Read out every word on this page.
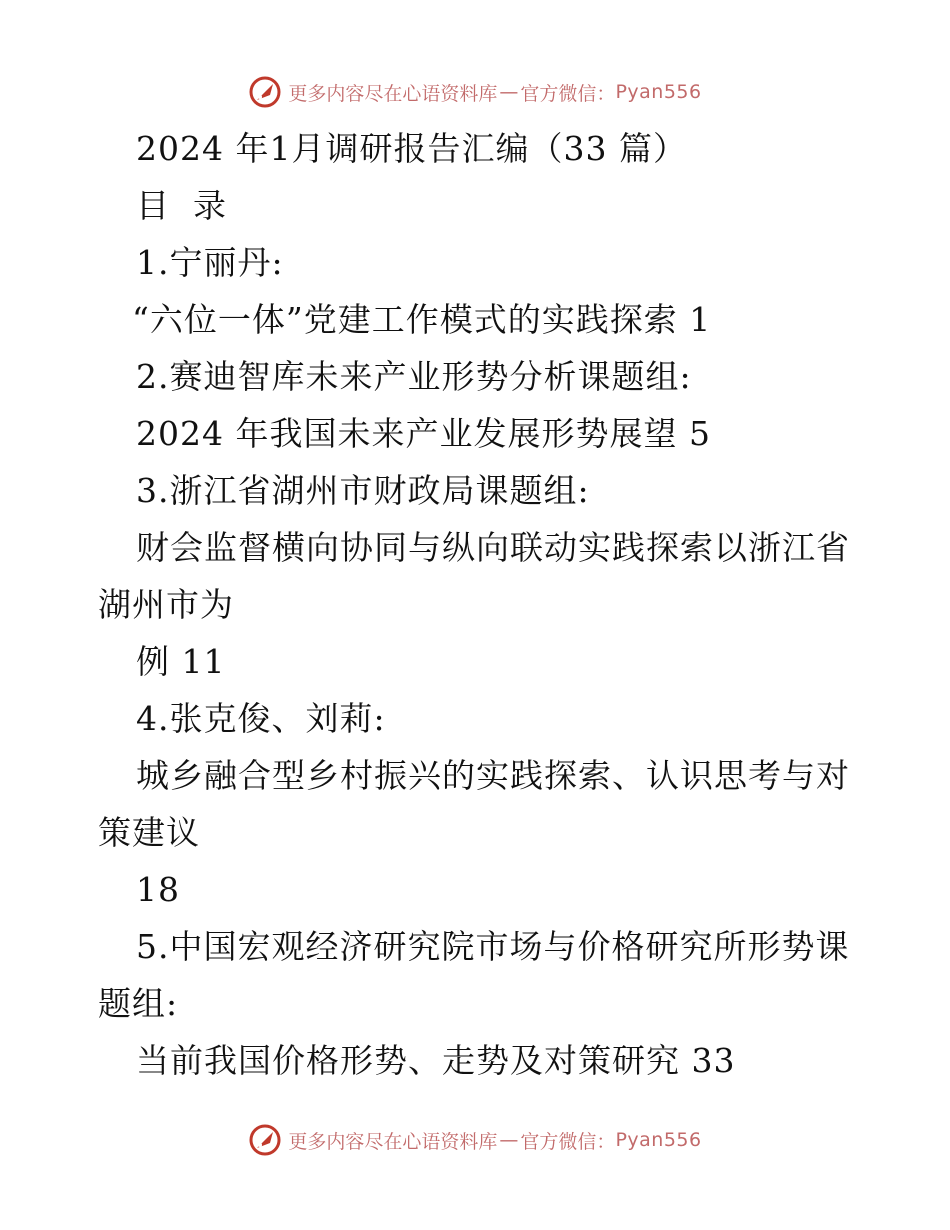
更多内容尽在心语资料库 — 官方微信： Pyan556
2024 年1月调研报告汇编（33 篇）
目  录
1.宁丽丹:
“六位一体”党建工作模式的实践探索 1
2.赛迪智库未来产业形势分析课题组:
2024 年我国未来产业发展形势展望 5
3.浙江省湖州市财政局课题组:
财会监督横向协同与纵向联动实践探索以浙江省湖州市为
例 11
4.张克俊、刘莉:
城乡融合型乡村振兴的实践探索、认识思考与对策建议
18
5.中国宏观经济研究院市场与价格研究所形势课题组:
当前我国价格形势、走势及对策研究 33
更多内容尽在心语资料库 — 官方微信： Pyan556
